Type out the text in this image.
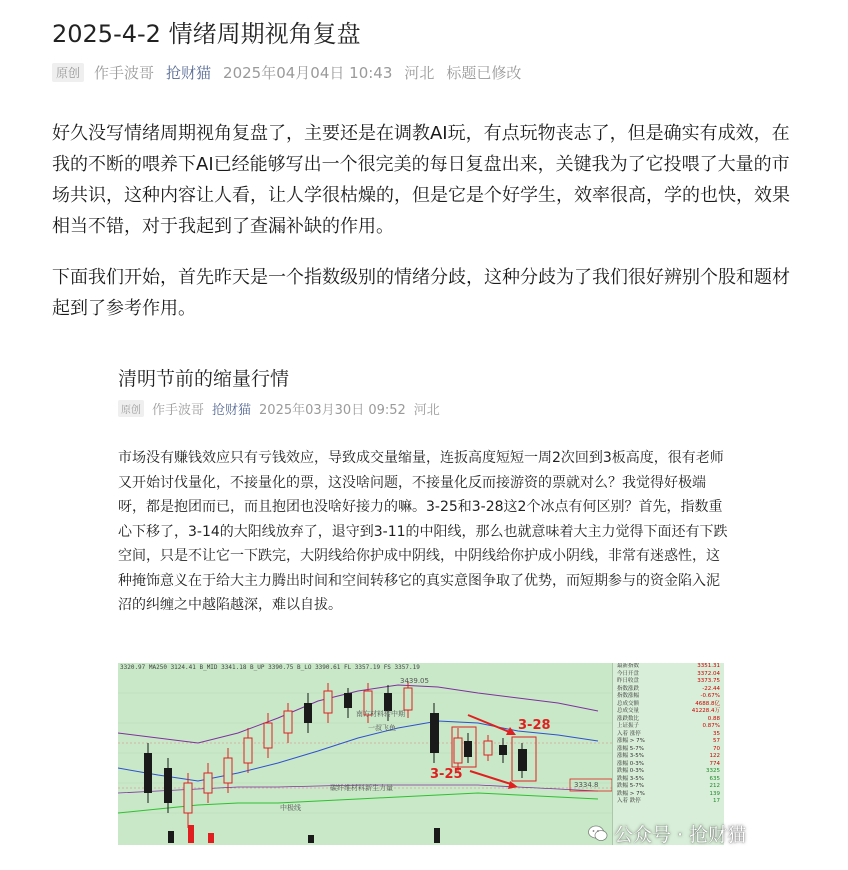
2025-4-2 情绪周期视角复盘
原创 作手波哥 抢财猫 2025年04月04日 10:43 河北 标题已修改

好久没写情绪周期视角复盘了，主要还是在调教AI玩，有点玩物丧志了，但是确实有成效，在我的不断的喂养下AI已经能够写出一个很完美的每日复盘出来，关键我为了它投喂了大量的市场共识，这种内容让人看，让人学很枯燥的，但是它是个好学生，效率很高，学的也快，效果相当不错，对于我起到了查漏补缺的作用。

下面我们开始，首先昨天是一个指数级别的情绪分歧，这种分歧为了我们很好辨别个股和题材起到了参考作用。

清明节前的缩量行情
原创 作手波哥 抢财猫 2025年03月30日 09:52 河北

市场没有赚钱效应只有亏钱效应，导致成交量缩量，连扳高度短短一周2次回到3板高度，很有老师又开始讨伐量化，不接量化的票，这没啥问题，不接量化反而接游资的票就对么？我觉得好极端呀，都是抱团而已，而且抱团也没啥好接力的嘛。3-25和3-28这2个冰点有何区别？首先，指数重心下移了，3-14的大阳线放弃了，退守到3-11的中阳线，那么也就意味着大主力觉得下面还有下跌空间，只是不让它一下跌完，大阴线给你护成中阴线，中阴线给你护成小阴线，非常有迷惑性，这种掩饰意义在于给大主力腾出时间和空间转移它的真实意图争取了优势，而短期参与的资金陷入泥沼的纠缠之中越陷越深，难以自拔。

3320.97 MA250 3124.41 B_MID 3341.18 B_UP 3390.75 B_LO 3390.61 FL 3357.19 FS 3357.19
3439.05
3334.8
3-28
3-25
南方材料转中期
一叔飞鱼
碳纤维材料新生力量
中极线
最新指数	3351.31
今日开盘	3372.04
昨日收盘	3373.75
指数涨跌	-22.44
指数涨幅	-0.67%
总成交额	4688.8亿
总成交量	41228.4万
涨跌数比	0.88
上证振子	0.87%
入着 涨停	35
涨幅 > 7%	57
涨幅 5-7%	70
涨幅 3-5%	122
涨幅 0-3%	774
跌幅 0-3%	3325
跌幅 3-5%	635
跌幅 5-7%	212
跌幅 > 7%	139
入着 跌停	17
公众号 · 抢财猫
